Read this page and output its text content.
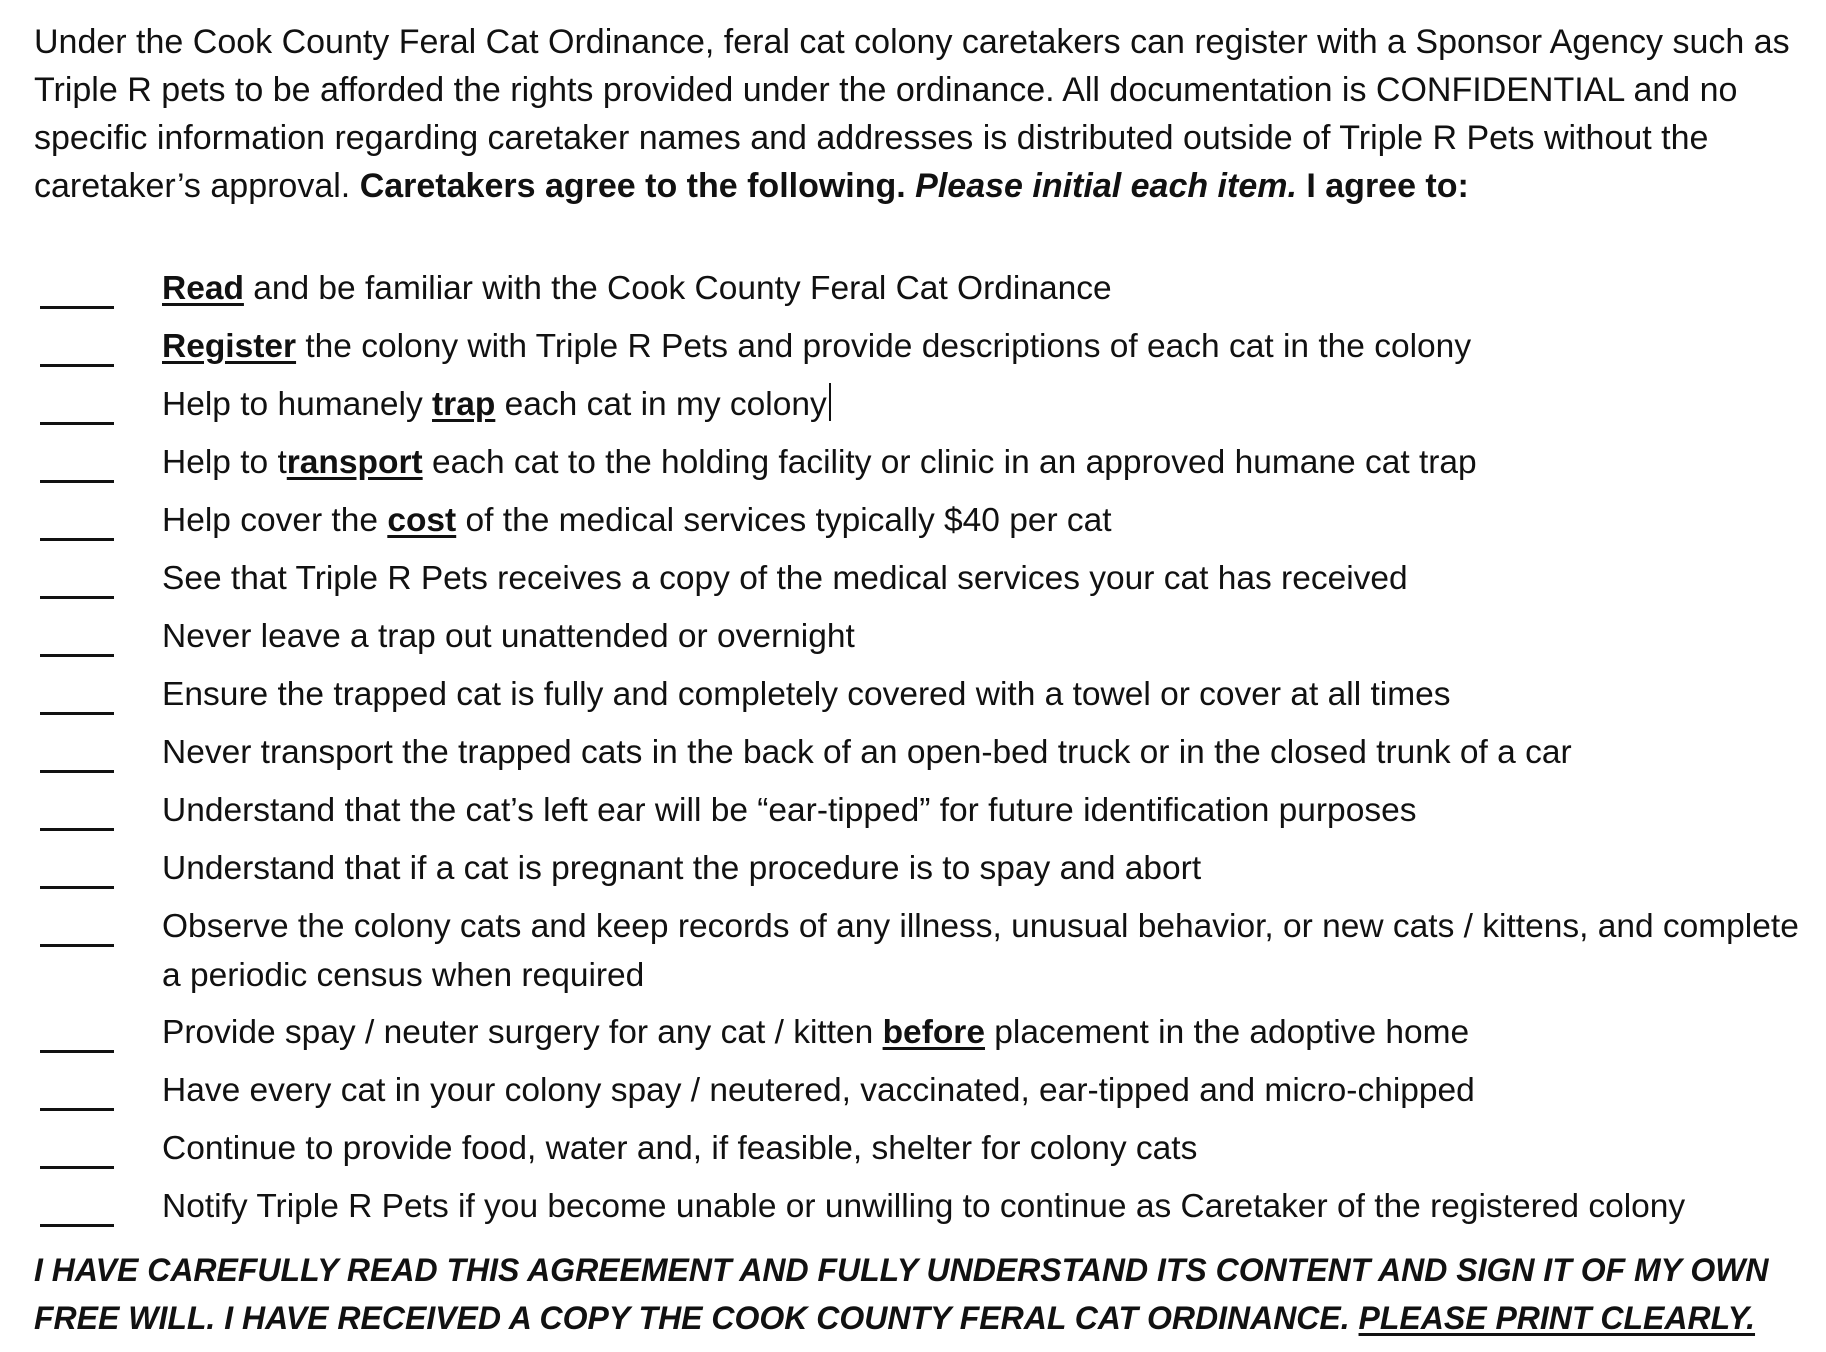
Under the Cook County Feral Cat Ordinance, feral cat colony caretakers can register with a Sponsor Agency such as Triple R pets to be afforded the rights provided under the ordinance. All documentation is CONFIDENTIAL and no specific information regarding caretaker names and addresses is distributed outside of Triple R Pets without the caretaker’s approval. Caretakers agree to the following. Please initial each item. I agree to:

Read and be familiar with the Cook County Feral Cat Ordinance
Register the colony with Triple R Pets and provide descriptions of each cat in the colony
Help to humanely trap each cat in my colony
Help to transport each cat to the holding facility or clinic in an approved humane cat trap
Help cover the cost of the medical services typically $40 per cat
See that Triple R Pets receives a copy of the medical services your cat has received
Never leave a trap out unattended or overnight
Ensure the trapped cat is fully and completely covered with a towel or cover at all times
Never transport the trapped cats in the back of an open-bed truck or in the closed trunk of a car
Understand that the cat’s left ear will be “ear-tipped” for future identification purposes
Understand that if a cat is pregnant the procedure is to spay and abort
Observe the colony cats and keep records of any illness, unusual behavior, or new cats / kittens, and complete a periodic census when required
Provide spay / neuter surgery for any cat / kitten before placement in the adoptive home
Have every cat in your colony spay / neutered, vaccinated, ear-tipped and micro-chipped
Continue to provide food, water and, if feasible, shelter for colony cats
Notify Triple R Pets if you become unable or unwilling to continue as Caretaker of the registered colony

I HAVE CAREFULLY READ THIS AGREEMENT AND FULLY UNDERSTAND ITS CONTENT AND SIGN IT OF MY OWN FREE WILL. I HAVE RECEIVED A COPY THE COOK COUNTY FERAL CAT ORDINANCE. PLEASE PRINT CLEARLY.
